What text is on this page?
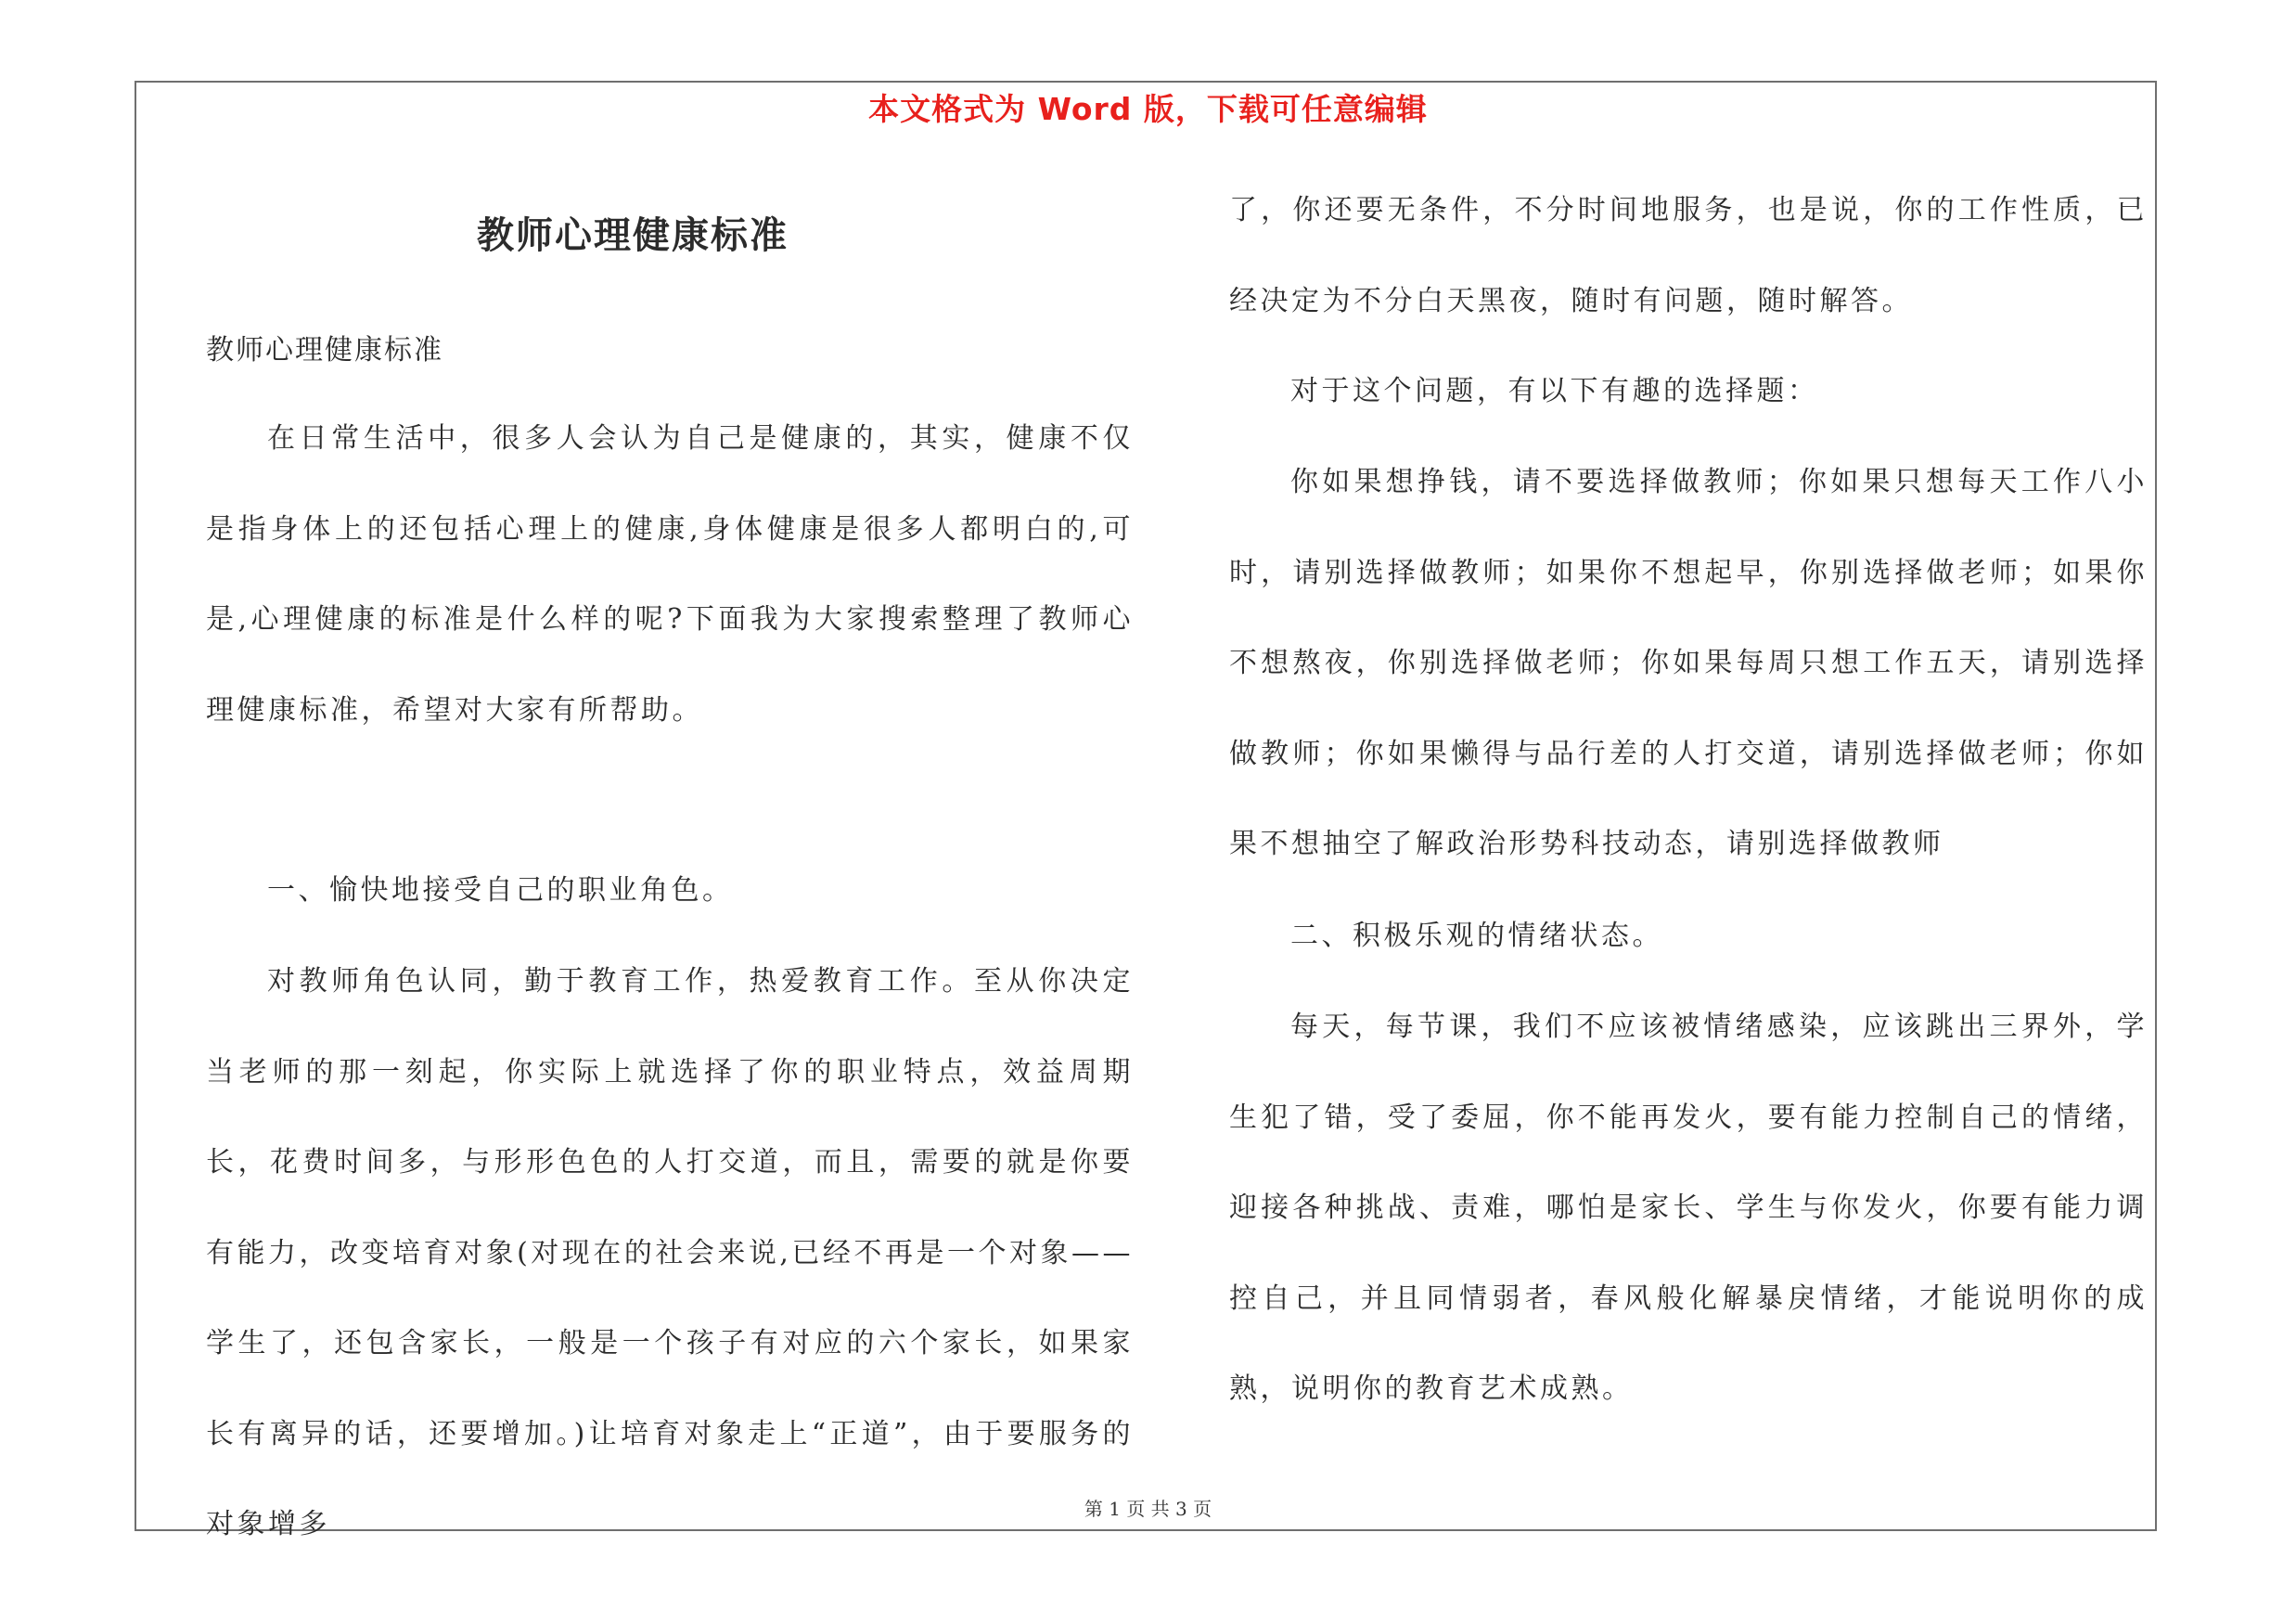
本文格式为 Word 版，下载可任意编辑
教师心理健康标准
教师心理健康标准

在日常生活中，很多人会认为自己是健康的，其实，健康不仅是指身体上的还包括心理上的健康,身体健康是很多人都明白的,可是,心理健康的标准是什么样的呢?下面我为大家搜索整理了教师心理健康标准，希望对大家有所帮助。

一、愉快地接受自己的职业角色。

对教师角色认同，勤于教育工作，热爱教育工作。至从你决定当老师的那一刻起，你实际上就选择了你的职业特点，效益周期长，花费时间多，与形形色色的人打交道，而且，需要的就是你要有能力，改变培育对象(对现在的社会来说,已经不再是一个对象——学生了，还包含家长，一般是一个孩子有对应的六个家长，如果家长有离异的话，还要增加。)让培育对象走上“正道”，由于要服务的对象增多

了，你还要无条件，不分时间地服务，也是说，你的工作性质，已经决定为不分白天黑夜，随时有问题，随时解答。

对于这个问题，有以下有趣的选择题：

你如果想挣钱，请不要选择做教师；你如果只想每天工作八小时，请别选择做教师；如果你不想起早，你别选择做老师；如果你不想熬夜，你别选择做老师；你如果每周只想工作五天，请别选择做教师；你如果懒得与品行差的人打交道，请别选择做老师；你如果不想抽空了解政治形势科技动态，请别选择做教师

二、积极乐观的情绪状态。

每天，每节课，我们不应该被情绪感染，应该跳出三界外，学生犯了错，受了委屈，你不能再发火，要有能力控制自己的情绪，迎接各种挑战、责难，哪怕是家长、学生与你发火，你要有能力调控自己，并且同情弱者，春风般化解暴戾情绪，才能说明你的成熟，说明你的教育艺术成熟。

第 1 页 共 3 页
